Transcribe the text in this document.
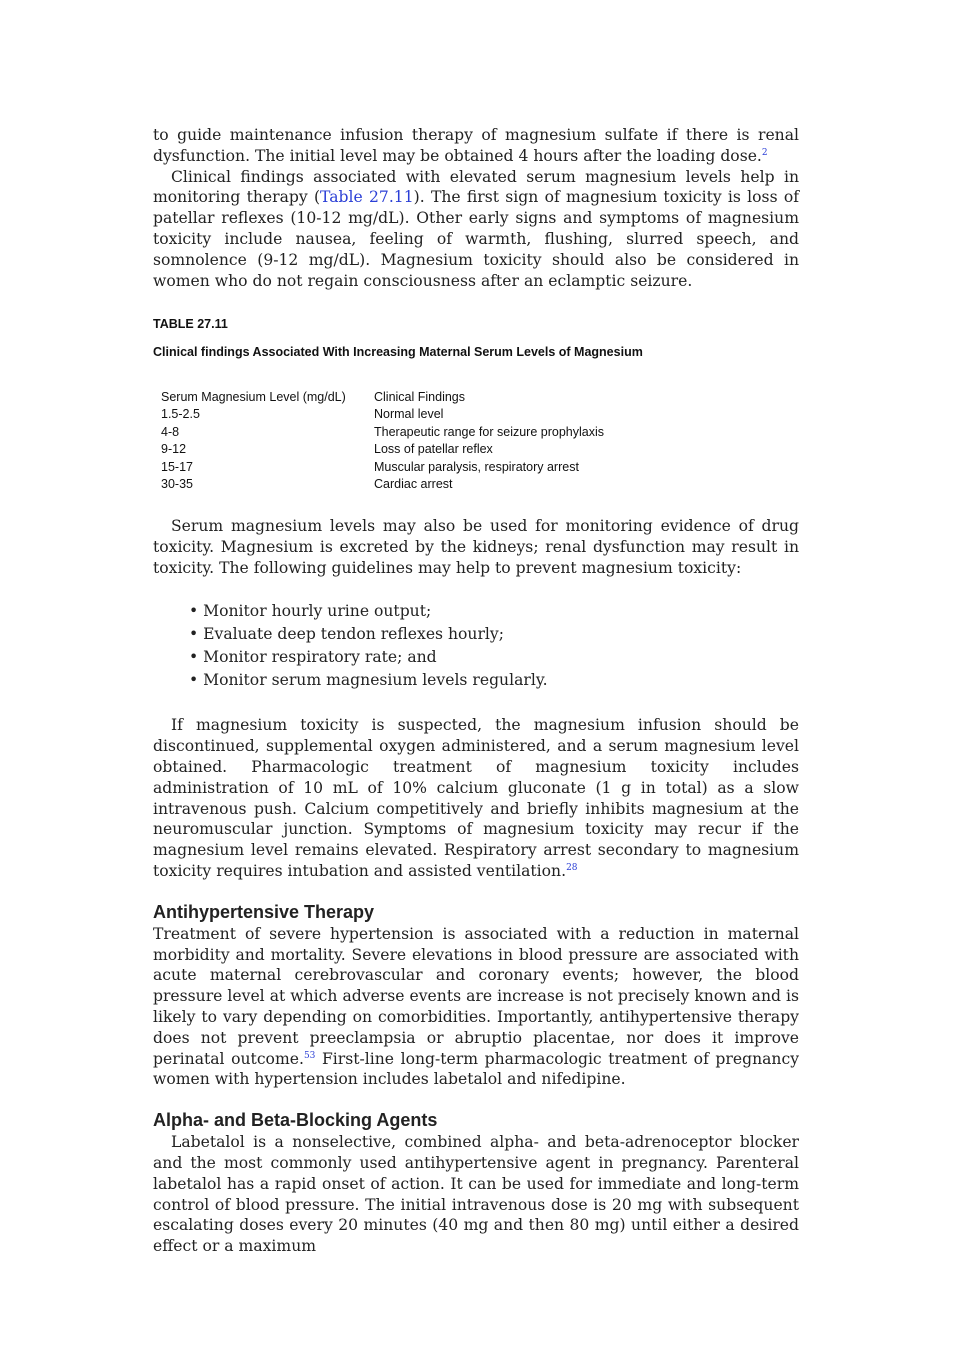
to guide maintenance infusion therapy of magnesium sulfate if there is renal dysfunction. The initial level may be obtained 4 hours after the loading dose.$^2$

Clinical findings associated with elevated serum magnesium levels help in monitoring therapy (Table 27.11). The first sign of magnesium toxicity is loss of patellar reflexes (10-12 mg/dL). Other early signs and symptoms of magnesium toxicity include nausea, feeling of warmth, flushing, slurred speech, and somnolence (9-12 mg/dL). Magnesium toxicity should also be considered in women who do not regain consciousness after an eclamptic seizure.

TABLE 27.11
Clinical findings Associated With Increasing Maternal Serum Levels of Magnesium
Serum Magnesium Level (mg/dL)	Clinical Findings
1.5-2.5	Normal level
4-8	Therapeutic range for seizure prophylaxis
9-12	Loss of patellar reflex
15-17	Muscular paralysis, respiratory arrest
30-35	Cardiac arrest

Serum magnesium levels may also be used for monitoring evidence of drug toxicity. Magnesium is excreted by the kidneys; renal dysfunction may result in toxicity. The following guidelines may help to prevent magnesium toxicity:

• Monitor hourly urine output;
• Evaluate deep tendon reflexes hourly;
• Monitor respiratory rate; and
• Monitor serum magnesium levels regularly.

If magnesium toxicity is suspected, the magnesium infusion should be discontinued, supplemental oxygen administered, and a serum magnesium level obtained. Pharmacologic treatment of magnesium toxicity includes administration of 10 mL of 10% calcium gluconate (1 g in total) as a slow intravenous push. Calcium competitively and briefly inhibits magnesium at the neuromuscular junction. Symptoms of magnesium toxicity may recur if the magnesium level remains elevated. Respiratory arrest secondary to magnesium toxicity requires intubation and assisted ventilation.$^{28}$

Antihypertensive Therapy

Treatment of severe hypertension is associated with a reduction in maternal morbidity and mortality. Severe elevations in blood pressure are associated with acute maternal cerebrovascular and coronary events; however, the blood pressure level at which adverse events are increase is not precisely known and is likely to vary depending on comorbidities. Importantly, antihypertensive therapy does not prevent preeclampsia or abruptio placentae, nor does it improve perinatal outcome.$^{53}$ First-line long-term pharmacologic treatment of pregnancy women with hypertension includes labetalol and nifedipine.

Alpha- and Beta-Blocking Agents

Labetalol is a nonselective, combined alpha- and beta-adrenoceptor blocker and the most commonly used antihypertensive agent in pregnancy. Parenteral labetalol has a rapid onset of action. It can be used for immediate and long-term control of blood pressure. The initial intravenous dose is 20 mg with subsequent escalating doses every 20 minutes (40 mg and then 80 mg) until either a desired effect or a maximum
